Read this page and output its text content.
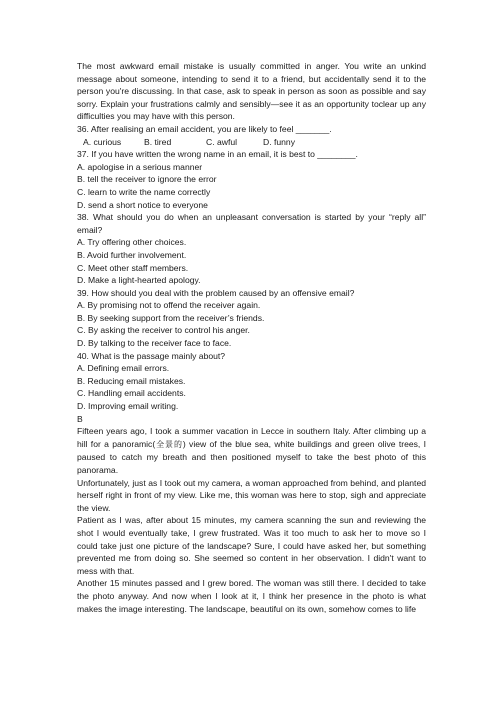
The most awkward email mistake is usually committed in anger. You write an unkind message about someone, intending to send it to a friend, but accidentally send it to the person you're discussing. In that case, ask to speak in person as soon as possible and say sorry. Explain your frustrations calmly and sensibly—see it as an opportunity toclear up any difficulties you may have with this person.

36. After realising an email accident, you are likely to feel _______.

A. curious	B. tired	C. awful	D. funny

37. If you have written the wrong name in an email, it is best to ________.

A. apologise in a serious manner

B. tell the receiver to ignore the error

C. learn to write the name correctly

D. send a short notice to everyone

38. What should you do when an unpleasant conversation is started by your “reply all” email?

A. Try offering other choices.

B. Avoid further involvement.

C. Meet other staff members.

D. Make a light-hearted apology.

39. How should you deal with the problem caused by an offensive email?

A. By promising not to offend the receiver again.

B. By seeking support from the receiver’s friends.

C. By asking the receiver to control his anger.

D. By talking to the receiver face to face.

40. What is the passage mainly about?

A. Defining email errors.

B. Reducing email mistakes.

C. Handling email accidents.

D. Improving email writing.

B

Fifteen years ago, I took a summer vacation in Lecce in southern Italy. After climbing up a hill for a panoramic(全景的) view of the blue sea, white buildings and green olive trees, I paused to catch my breath and then positioned myself to take the best photo of this panorama.

Unfortunately, just as I took out my camera, a woman approached from behind, and planted herself right in front of my view. Like me, this woman was here to stop, sigh and appreciate the view.

Patient as I was, after about 15 minutes, my camera scanning the sun and reviewing the shot I would eventually take, I grew frustrated. Was it too much to ask her to move so I could take just one picture of the landscape? Sure, I could have asked her, but something prevented me from doing so. She seemed so content in her observation. I didn't want to mess with that.

Another 15 minutes passed and I grew bored. The woman was still there. I decided to take the photo anyway. And now when I look at it, I think her presence in the photo is what makes the image interesting. The landscape, beautiful on its own, somehow comes to life
